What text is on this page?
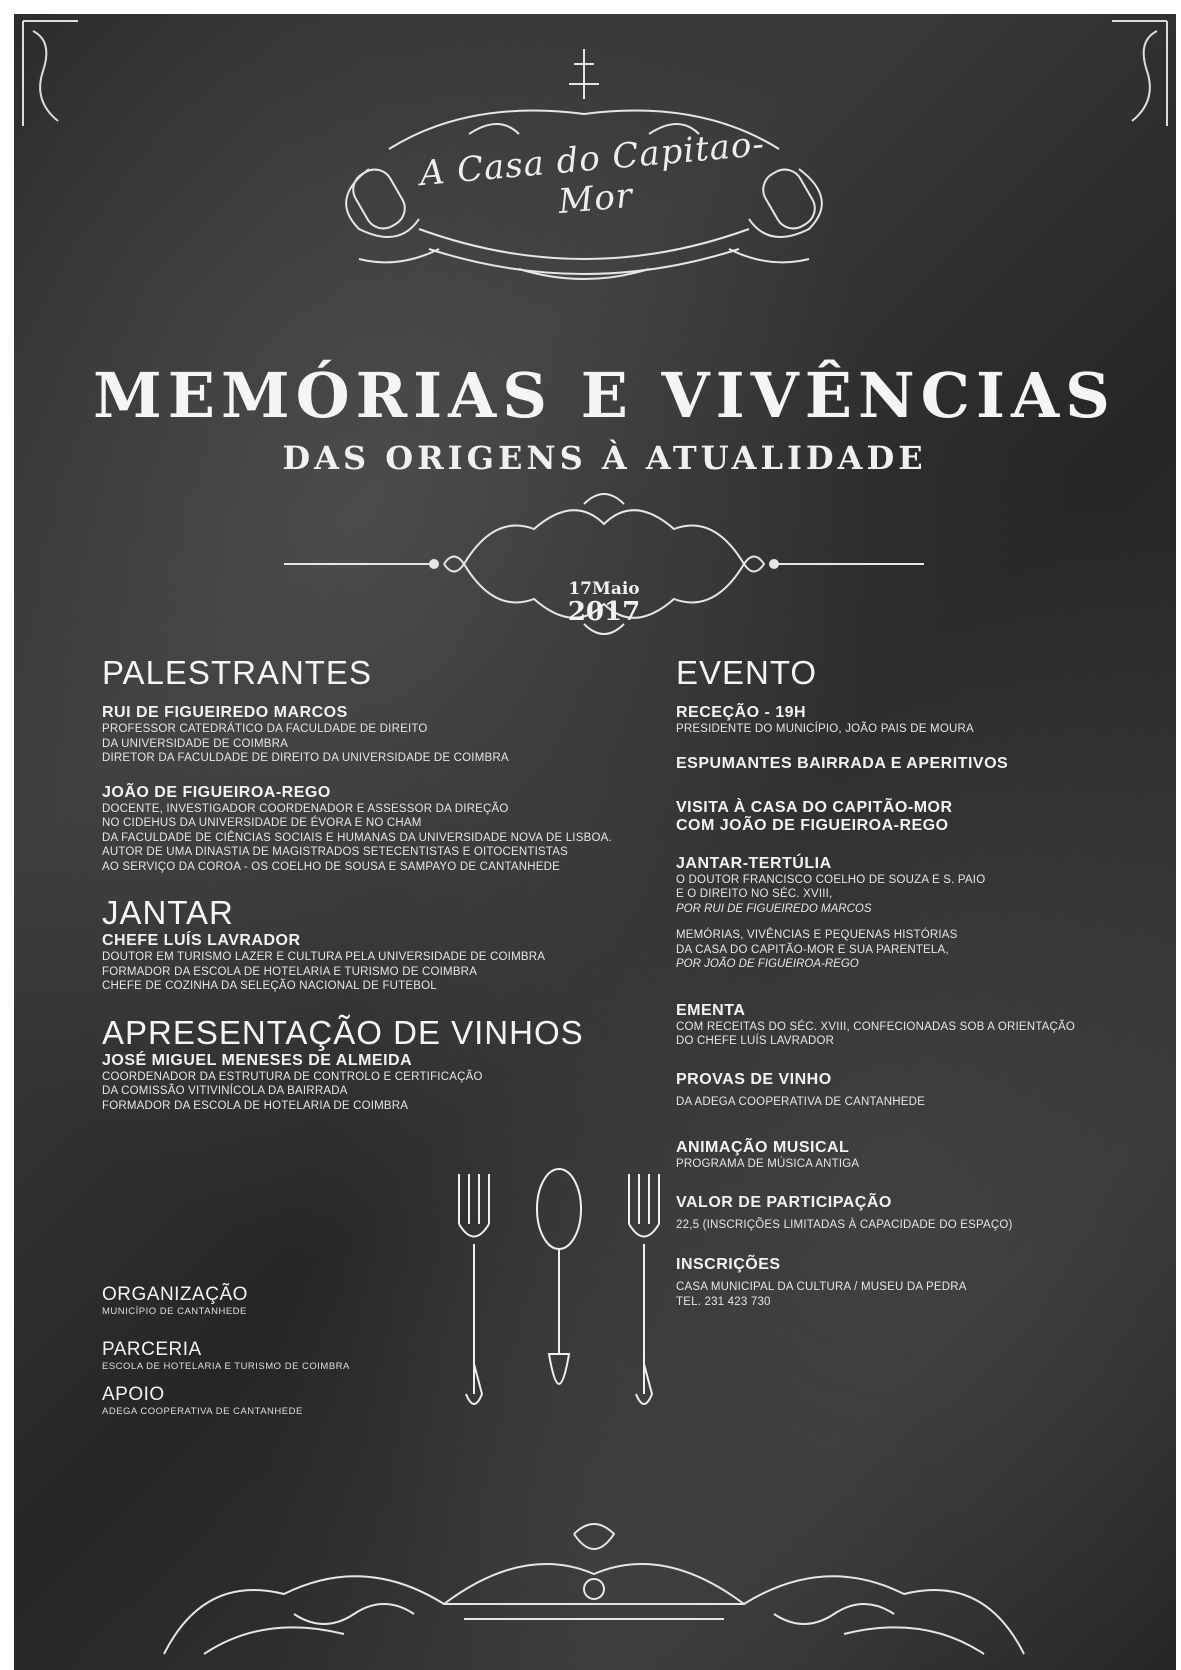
A Casa do Capitao-Mor
MEMÓRIAS E VIVÊNCIAS
DAS ORIGENS À ATUALIDADE
17Maio
2017
PALESTRANTES
RUI DE FIGUEIREDO MARCOS
PROFESSOR CATEDRÁTICO DA FACULDADE DE DIREITO
DA UNIVERSIDADE DE COIMBRA
DIRETOR DA FACULDADE DE DIREITO DA UNIVERSIDADE DE COIMBRA
JOÃO DE FIGUEIROA-REGO
DOCENTE, INVESTIGADOR COORDENADOR E ASSESSOR DA DIREÇÃO
NO CIDEHUS DA UNIVERSIDADE DE ÉVORA E NO CHAM
DA FACULDADE DE CIÊNCIAS SOCIAIS E HUMANAS DA UNIVERSIDADE NOVA DE LISBOA.
AUTOR DE UMA DINASTIA DE MAGISTRADOS SETECENTISTAS E OITOCENTISTAS
AO SERVIÇO DA COROA - OS COELHO DE SOUSA E SAMPAYO DE CANTANHEDE
JANTAR
CHEFE LUÍS LAVRADOR
DOUTOR EM TURISMO LAZER E CULTURA PELA UNIVERSIDADE DE COIMBRA
FORMADOR DA ESCOLA DE HOTELARIA E TURISMO DE COIMBRA
CHEFE DE COZINHA DA SELEÇÃO NACIONAL DE FUTEBOL
APRESENTAÇÃO DE VINHOS
JOSÉ MIGUEL MENESES DE ALMEIDA
COORDENADOR DA ESTRUTURA DE CONTROLO E CERTIFICAÇÃO
DA COMISSÃO VITIVINÍCOLA DA BAIRRADA
FORMADOR DA ESCOLA DE HOTELARIA DE COIMBRA
ORGANIZAÇÃO
MUNICÍPIO DE CANTANHEDE
PARCERIA
ESCOLA DE HOTELARIA E TURISMO DE COIMBRA
APOIO
ADEGA COOPERATIVA DE CANTANHEDE
EVENTO
RECEÇÃO - 19H
PRESIDENTE DO MUNICÍPIO, JOÃO PAIS DE MOURA
ESPUMANTES BAIRRADA E APERITIVOS
VISITA À CASA DO CAPITÃO-MOR
COM JOÃO DE FIGUEIROA-REGO
JANTAR-TERTÚLIA
O DOUTOR FRANCISCO COELHO DE SOUZA E S. PAIO
E O DIREITO NO SÉC. XVIII,
POR RUI DE FIGUEIREDO MARCOS
MEMÓRIAS, VIVÊNCIAS E PEQUENAS HISTÓRIAS
DA CASA DO CAPITÃO-MOR E SUA PARENTELA,
POR JOÃO DE FIGUEIROA-REGO
EMENTA
COM RECEITAS DO SÉC. XVIII, CONFECIONADAS SOB A ORIENTAÇÃO
DO CHEFE LUÍS LAVRADOR
PROVAS DE VINHO
DA ADEGA COOPERATIVA DE CANTANHEDE
ANIMAÇÃO MUSICAL
PROGRAMA DE MÚSICA ANTIGA
VALOR DE PARTICIPAÇÃO
22,5 (INSCRIÇÕES LIMITADAS À CAPACIDADE DO ESPAÇO)
INSCRIÇÕES
CASA MUNICIPAL DA CULTURA / MUSEU DA PEDRA
TEL. 231 423 730
